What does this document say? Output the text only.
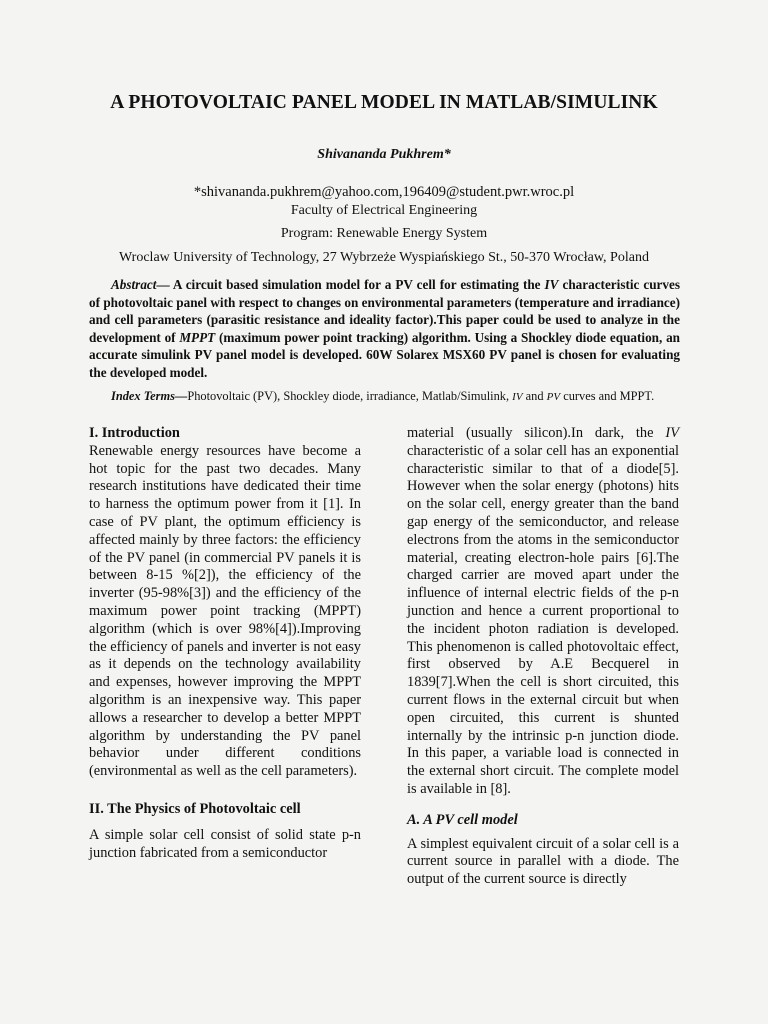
A PHOTOVOLTAIC PANEL MODEL IN MATLAB/SIMULINK
Shivananda Pukhrem*
*shivananda.pukhrem@yahoo.com,196409@student.pwr.wroc.pl
Faculty of Electrical Engineering
Program: Renewable Energy System
Wroclaw University of Technology, 27 Wybrzeże Wyspiańskiego St., 50-370 Wrocław, Poland
Abstract— A circuit based simulation model for a PV cell for estimating the IV characteristic curves of photovoltaic panel with respect to changes on environmental parameters (temperature and irradiance) and cell parameters (parasitic resistance and ideality factor).This paper could be used to analyze in the development of MPPT (maximum power point tracking) algorithm. Using a Shockley diode equation, an accurate simulink PV panel model is developed. 60W Solarex MSX60 PV panel is chosen for evaluating the developed model.
Index Terms—Photovoltaic (PV), Shockley diode, irradiance, Matlab/Simulink, IV and PV curves and MPPT.

I. Introduction

Renewable energy resources have become a hot topic for the past two decades. Many research institutions have dedicated their time to harness the optimum power from it [1]. In case of PV plant, the optimum efficiency is affected mainly by three factors: the efficiency of the PV panel (in commercial PV panels it is between 8-15 %[2]), the efficiency of the inverter (95-98%[3]) and the efficiency of the maximum power point tracking (MPPT) algorithm (which is over 98%[4]).Improving the efficiency of panels and inverter is not easy as it depends on the technology availability and expenses, however improving the MPPT algorithm is an inexpensive way. This paper allows a researcher to develop a better MPPT algorithm by understanding the PV panel behavior under different conditions (environmental as well as the cell parameters).

II. The Physics of Photovoltaic cell

A simple solar cell consist of solid state p-n junction fabricated from a semiconductor

material (usually silicon).In dark, the IV characteristic of a solar cell has an exponential characteristic similar to that of a diode[5]. However when the solar energy (photons) hits on the solar cell, energy greater than the band gap energy of the semiconductor, and release electrons from the atoms in the semiconductor material, creating electron-hole pairs [6].The charged carrier are moved apart under the influence of internal electric fields of the p-n junction and hence a current proportional to the incident photon radiation is developed. This phenomenon is called photovoltaic effect, first observed by A.E Becquerel in 1839[7].When the cell is short circuited, this current flows in the external circuit but when open circuited, this current is shunted internally by the intrinsic p-n junction diode. In this paper, a variable load is connected in the external short circuit. The complete model is available in [8].

A. A PV cell model

A simplest equivalent circuit of a solar cell is a current source in parallel with a diode. The output of the current source is directly
